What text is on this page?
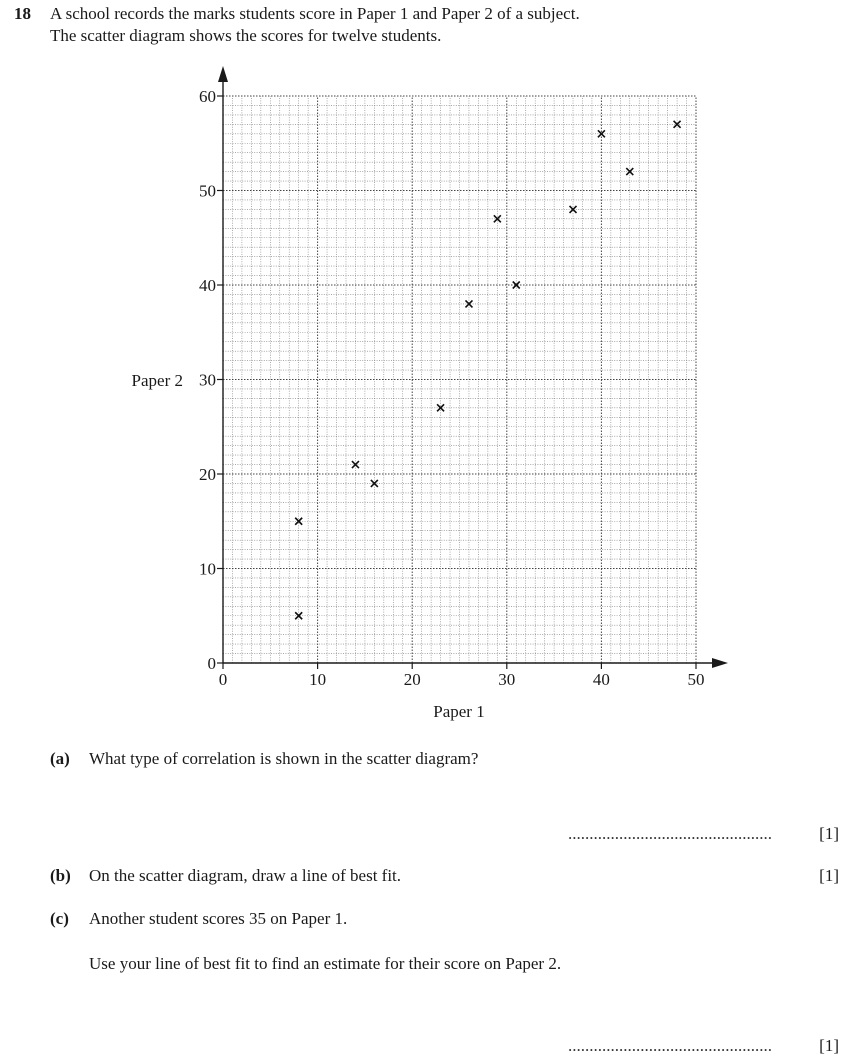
18 A school records the marks students score in Paper 1 and Paper 2 of a subject.
The scatter diagram shows the scores for twelve students.
0	10	20	30	40	50
0
10
20
30
40
50
60
Paper 1
Paper 2
(a) What type of correlation is shown in the scatter diagram?
................................................	[1]
(b) On the scatter diagram, draw a line of best fit.	[1]
(c) Another student scores 35 on Paper 1.
Use your line of best fit to find an estimate for their score on Paper 2.
................................................	[1]
